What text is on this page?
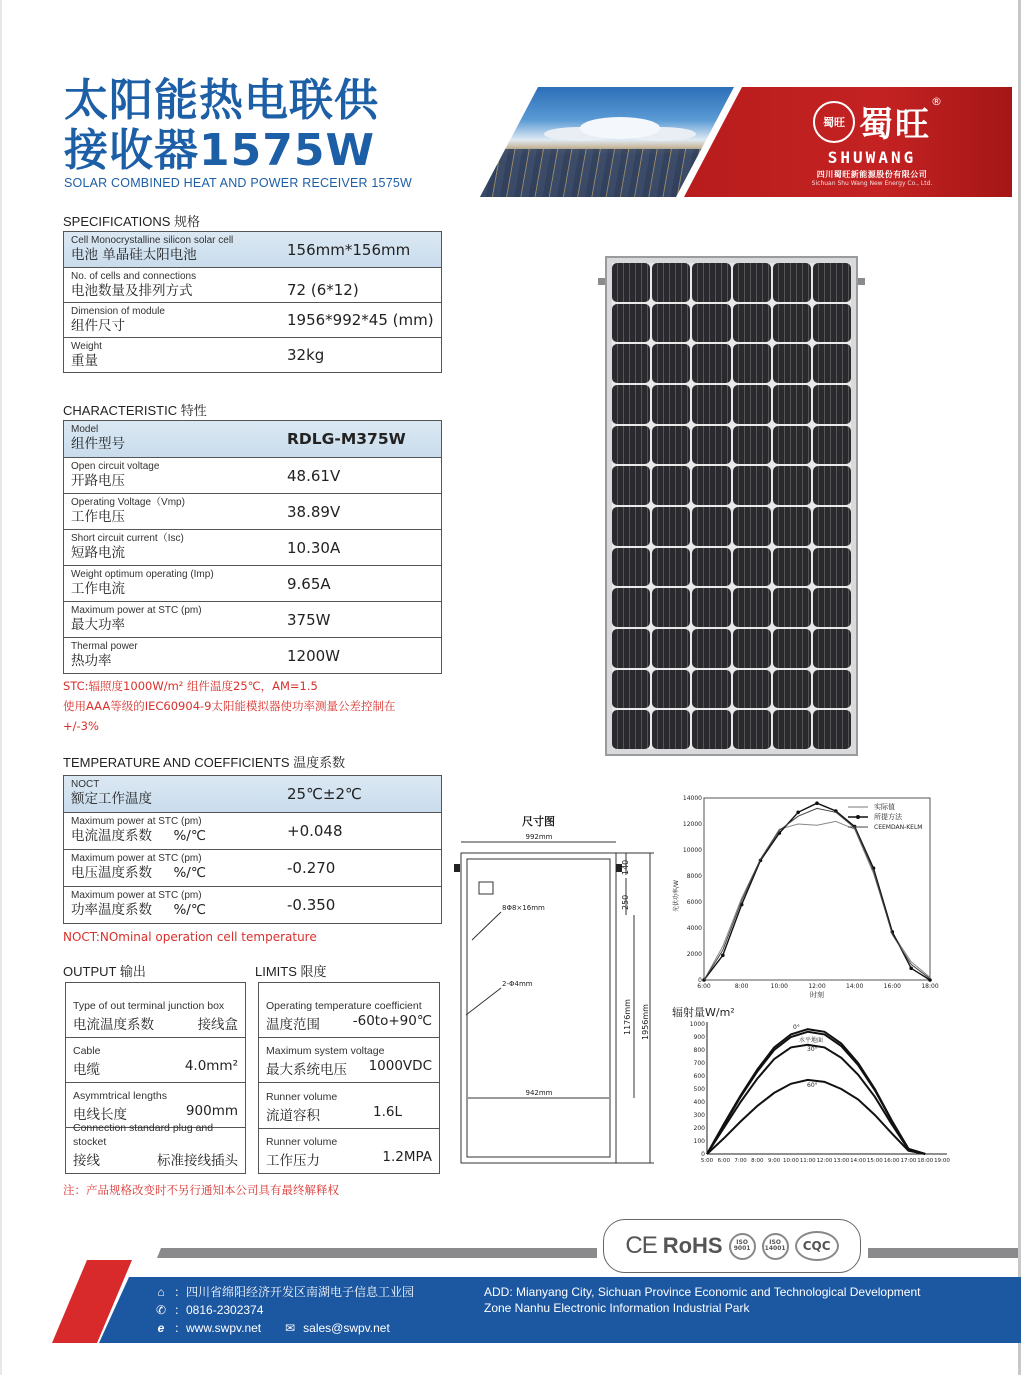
太阳能热电联供
接收器1575W
SOLAR COMBINED HEAT AND POWER RECEIVER 1575W
蜀旺 蜀旺
®
SHUWANG
四川蜀旺新能源股份有限公司
Sichuan Shu Wang New Energy Co., Ltd.
SPECIFICATIONS 规格
Cell Monocrystalline silicon solar cell
电池 单晶硅太阳电池	156mm*156mm
No. of cells and connections
电池数量及排列方式	72 (6*12)
Dimension of module
组件尺寸	1956*992*45 (mm)
Weight
重量	32kg
CHARACTERISTIC 特性
Model
组件型号	RDLG-M375W
Open circuit voltage
开路电压	48.61V
Operating Voltage（Vmp)
工作电压	38.89V
Short circuit current（Isc)
短路电流	10.30A
Weight optimum operating (Imp)
工作电流	9.65A
Maximum power at STC (pm)
最大功率	375W
Thermal power
热功率	1200W
STC:辐照度1000W/m² 组件温度25℃，AM=1.5
使用AAA等级的IEC60904-9太阳能模拟器使功率测量公差控制在
+/-3%
TEMPERATURE AND COEFFICIENTS 温度系数
NOCT
额定工作温度	25℃±2℃
Maximum power at STC (pm)
电流温度系数 %/℃	+0.048
Maximum power at STC (pm)
电压温度系数 %/℃	-0.270
Maximum power at STC (pm)
功率温度系数 %/℃	-0.350
NOCT:NOminal operation cell temperature
OUTPUT 输出
Type of out terminal junction box
电流温度系数	接线盒
Cable
电缆	4.0mm²
Asymmtrical lengths
电线长度	900mm
Connection standard plug and stocket
接线	标准接线插头
LIMITS 限度
Operating temperature coefficient
温度范围 -60to+90℃
Maximum system voltage
最大系统电压 1000VDC
Runner volume
流道容积	1.6L
Runner volume
工作压力	1.2MPA
注：产品规格改变时不另行通知本公司具有最终解释权
尺寸图
992mm
942mm
8Φ8×16mm
2-Φ4mm
140
250
1176mm 1956mm
0
2000
4000
6000
8000
10000
12000
14000
6:00	8:00	10:00	12:00	14:00	16:00	18:00
时刻
光伏功率/W
实际值
所提方法
CEEMDAN-KELM
辐射量W/m²
0
100
200
300
400
500
600
700
800
900
1000
5:00 6:00 7:00 8:00 9:00 10:00 11:00 12:00 13:00 14:00 15:00 16:00 17:00 18:00 19:00
0°
水平地面
30°
60°
CE RoHS	ISO 9001
ISO 14001	CQC
⌂ ：四川省绵阳经济开发区南湖电子信息工业园
✆ ：0816-2302374
e ：www.swpv.net ✉ sales@swpv.net
ADD: Mianyang City, Sichuan Province Economic and Technological Development
Zone Nanhu Electronic Information Industrial Park
